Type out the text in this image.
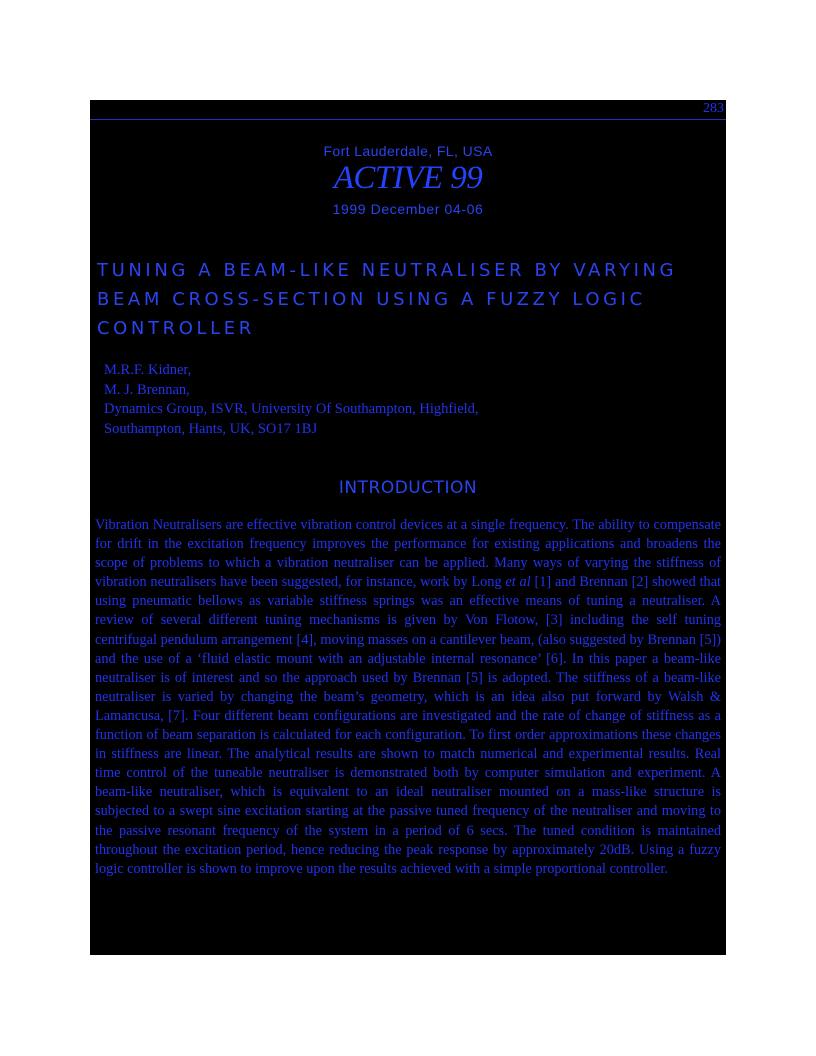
283
Fort Lauderdale, FL, USA
ACTIVE 99
1999 December 04-06
TUNING A BEAM-LIKE NEUTRALISER BY VARYING BEAM CROSS-SECTION USING A FUZZY LOGIC CONTROLLER
M.R.F. Kidner,
M. J. Brennan,
Dynamics Group, ISVR, University Of Southampton, Highfield,
Southampton, Hants, UK, SO17 1BJ
INTRODUCTION

Vibration Neutralisers are effective vibration control devices at a single frequency. The ability to compensate for drift in the excitation frequency improves the performance for existing applications and broadens the scope of problems to which a vibration neutraliser can be applied. Many ways of varying the stiffness of vibration neutralisers have been suggested, for instance, work by Long et al [1] and Brennan [2] showed that using pneumatic bellows as variable stiffness springs was an effective means of tuning a neutraliser. A review of several different tuning mechanisms is given by Von Flotow, [3] including the self tuning centrifugal pendulum arrangement [4], moving masses on a cantilever beam, (also suggested by Brennan [5]) and the use of a ‘fluid elastic mount with an adjustable internal resonance’ [6]. In this paper a beam-like neutraliser is of interest and so the approach used by Brennan [5] is adopted. The stiffness of a beam-like neutraliser is varied by changing the beam’s geometry, which is an idea also put forward by Walsh & Lamancusa, [7]. Four different beam configurations are investigated and the rate of change of stiffness as a function of beam separation is calculated for each configuration. To first order approximations these changes in stiffness are linear. The analytical results are shown to match numerical and experimental results. Real time control of the tuneable neutraliser is demonstrated both by computer simulation and experiment. A beam-like neutraliser, which is equivalent to an ideal neutraliser mounted on a mass-like structure is subjected to a swept sine excitation starting at the passive tuned frequency of the neutraliser and moving to the passive resonant frequency of the system in a period of 6 secs. The tuned condition is maintained throughout the excitation period, hence reducing the peak response by approximately 20dB. Using a fuzzy logic controller is shown to improve upon the results achieved with a simple proportional controller.
